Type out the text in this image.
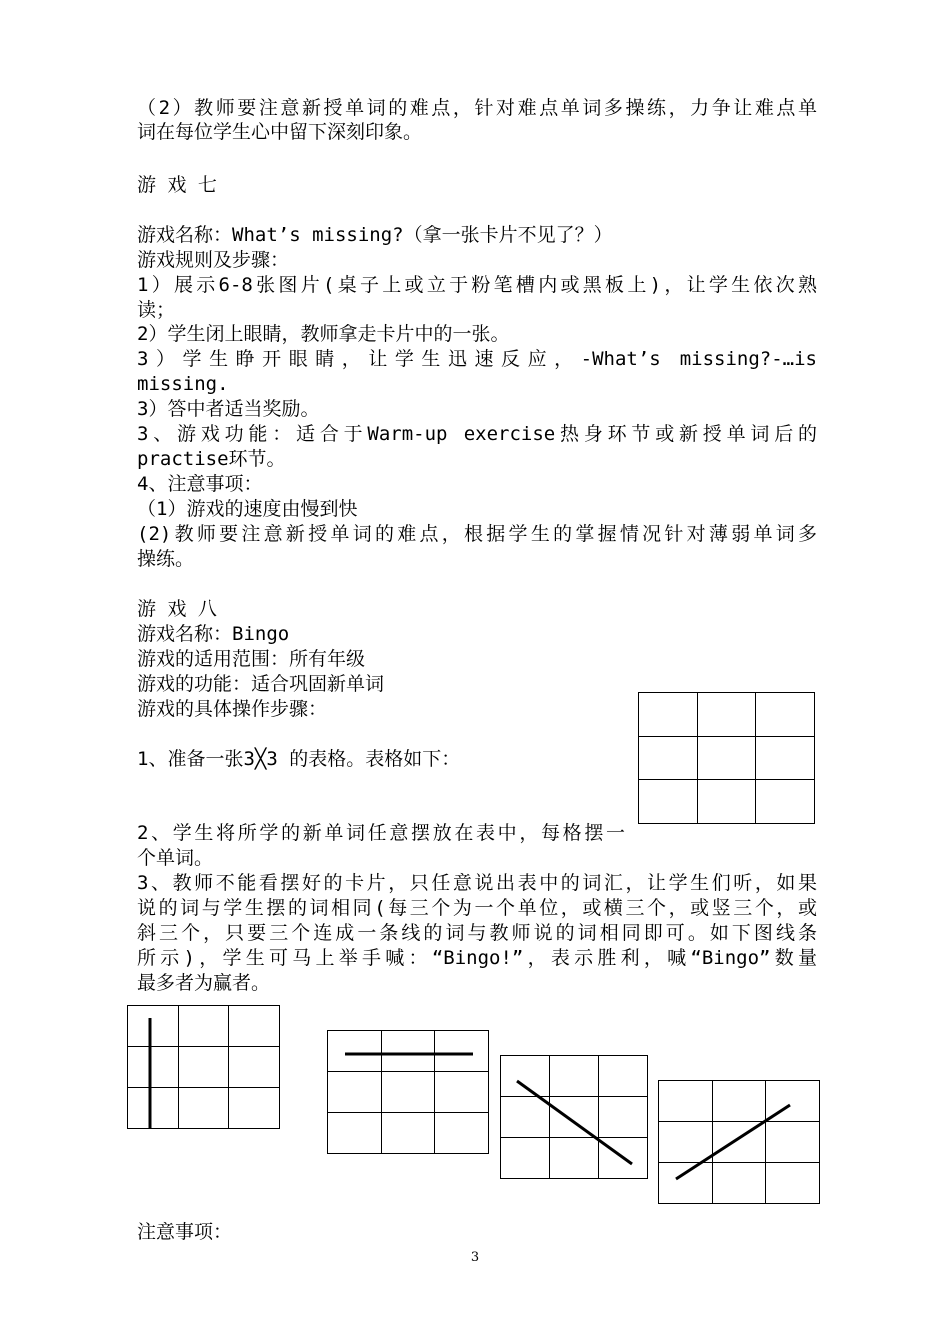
（2）教师要注意新授单词的难点，针对难点单词多操练，力争让难点单
词在每位学生心中留下深刻印象。
游 戏 七
游戏名称：What’s missing?（拿一张卡片不见了？）
游戏规则及步骤：
1）展示6-8张图片(桌子上或立于粉笔槽内或黑板上)，让学生依次熟
读；
2）学生闭上眼睛，教师拿走卡片中的一张。
3）学生睁开眼睛，让学生迅速反应，-What’s missing?-…is
missing.
3）答中者适当奖励。
3、游戏功能：适合于Warm-up exercise热身环节或新授单词后的
practise环节。
4、注意事项：
（1）游戏的速度由慢到快
(2)教师要注意新授单词的难点，根据学生的掌握情况针对薄弱单词多
操练。
游 戏 八
游戏名称：Bingo
游戏的适用范围：所有年级
游戏的功能：适合巩固新单词
游戏的具体操作步骤：
1、准备一张3╳3 的表格。表格如下：
2、学生将所学的新单词任意摆放在表中，每格摆一
个单词。
3、教师不能看摆好的卡片，只任意说出表中的词汇，让学生们听，如果
说的词与学生摆的词相同(每三个为一个单位，或横三个，或竖三个，或
斜三个，只要三个连成一条线的词与教师说的词相同即可。如下图线条
所示)，学生可马上举手喊：“Bingo!”，表示胜利，喊“Bingo”数量
最多者为赢者。
注意事项：

3
